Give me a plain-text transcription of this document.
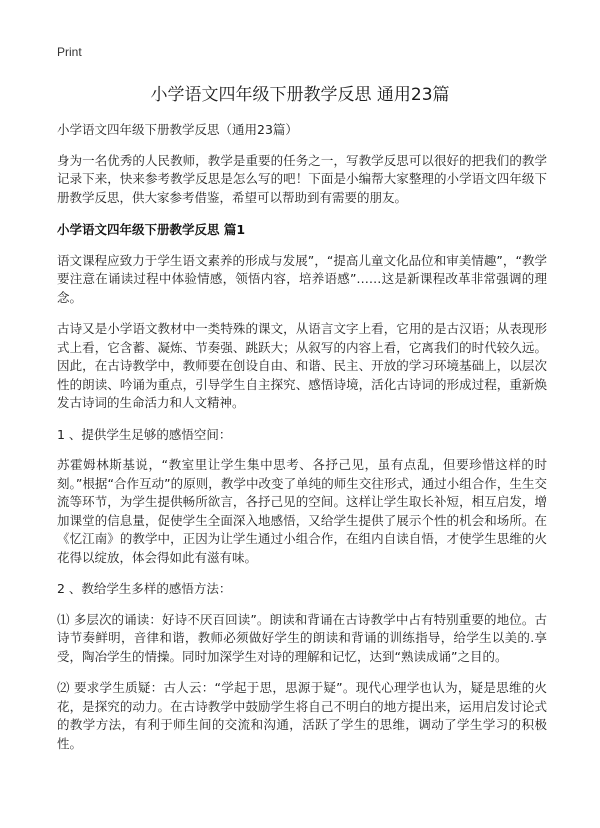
Print
小学语文四年级下册教学反思 通用23篇

小学语文四年级下册教学反思（通用23篇）

身为一名优秀的人民教师，教学是重要的任务之一，写教学反思可以很好的把我们的教学记录下来，快来参考教学反思是怎么写的吧！下面是小编帮大家整理的小学语文四年级下册教学反思，供大家参考借鉴，希望可以帮助到有需要的朋友。

小学语文四年级下册教学反思 篇1

语文课程应致力于学生语文素养的形成与发展”，“提高儿童文化品位和审美情趣”，“教学要注意在诵读过程中体验情感，领悟内容，培养语感”……这是新课程改革非常强调的理念。

古诗又是小学语文教材中一类特殊的课文，从语言文字上看，它用的是古汉语；从表现形式上看，它含蓄、凝炼、节奏强、跳跃大；从叙写的内容上看，它离我们的时代较久远。因此，在古诗教学中，教师要在创设自由、和谐、民主、开放的学习环境基础上，以层次性的朗读、吟诵为重点，引导学生自主探究、感悟诗境，活化古诗词的形成过程，重新焕发古诗词的生命活力和人文精神。

1 、提供学生足够的感悟空间：

苏霍姆林斯基说，“教室里让学生集中思考、各抒己见，虽有点乱，但要珍惜这样的时刻。”根据“合作互动”的原则，教学中改变了单纯的师生交往形式，通过小组合作，生生交流等环节，为学生提供畅所欲言，各抒己见的空间。这样让学生取长补短，相互启发，增加课堂的信息量，促使学生全面深入地感悟，又给学生提供了展示个性的机会和场所。在《忆江南》的教学中，正因为让学生通过小组合作，在组内自读自悟，才使学生思维的火花得以绽放，体会得如此有滋有味。

2 、教给学生多样的感悟方法：

⑴ 多层次的诵读：好诗不厌百回读”。朗读和背诵在古诗教学中占有特别重要的地位。古诗节奏鲜明，音律和谐，教师必须做好学生的朗读和背诵的训练指导，给学生以美的.享受，陶冶学生的情操。同时加深学生对诗的理解和记忆，达到“熟读成诵”之目的。

⑵ 要求学生质疑：古人云：“学起于思，思源于疑”。现代心理学也认为，疑是思维的火花，是探究的动力。在古诗教学中鼓励学生将自己不明白的地方提出来，运用启发讨论式的教学方法，有利于师生间的交流和沟通，活跃了学生的思维，调动了学生学习的积极性。
